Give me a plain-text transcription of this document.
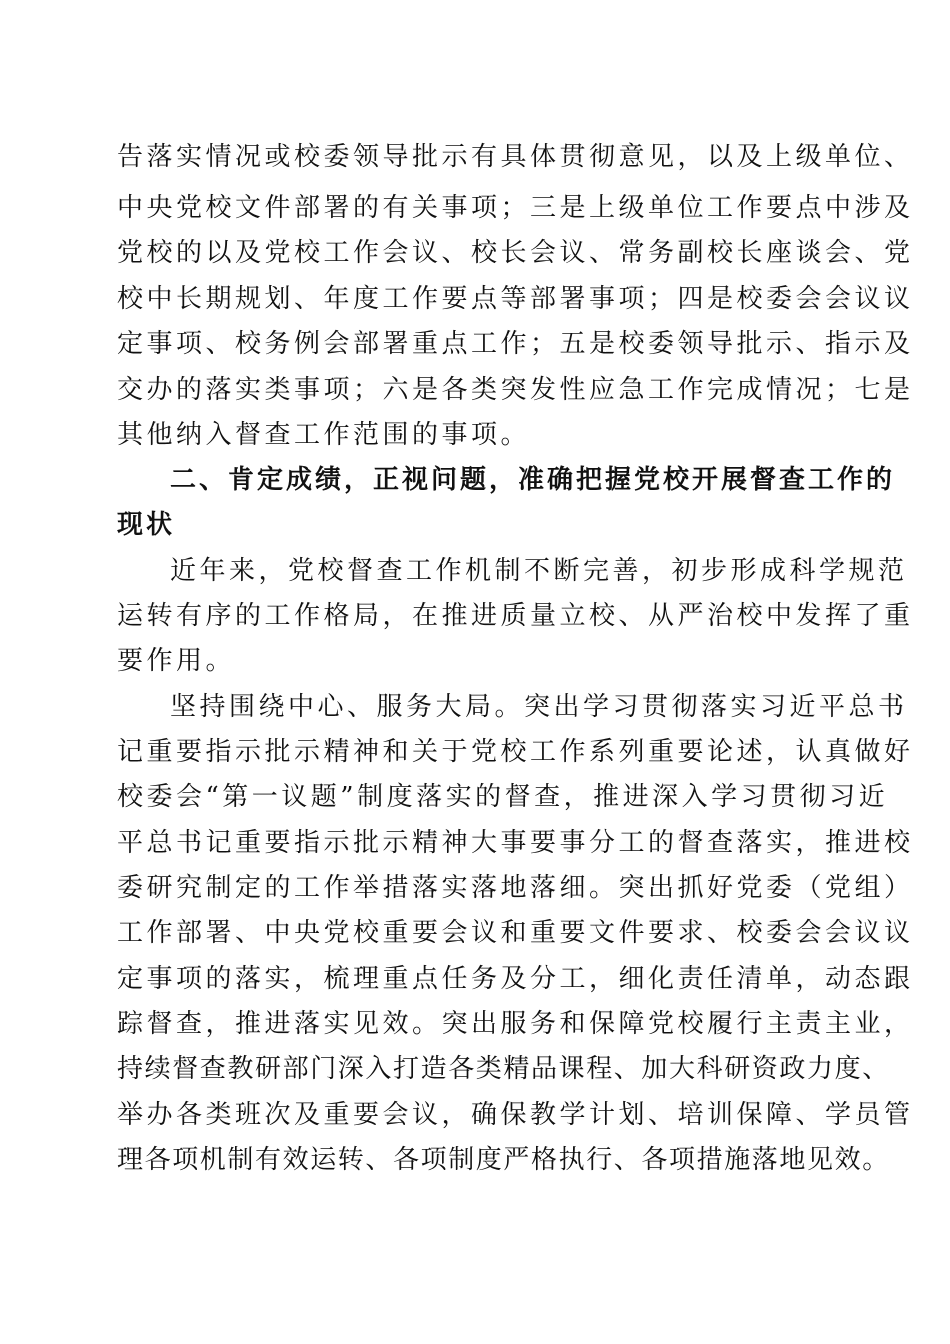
告落实情况或校委领导批示有具体贯彻意见，以及上级单位、
中央党校文件部署的有关事项；三是上级单位工作要点中涉及
党校的以及党校工作会议、校长会议、常务副校长座谈会、党
校中长期规划、年度工作要点等部署事项；四是校委会会议议
定事项、校务例会部署重点工作；五是校委领导批示、指示及
交办的落实类事项；六是各类突发性应急工作完成情况；七是
其他纳入督查工作范围的事项。
二、肯定成绩，正视问题，准确把握党校开展督查工作的
现状
近年来，党校督查工作机制不断完善，初步形成科学规范
运转有序的工作格局，在推进质量立校、从严治校中发挥了重
要作用。
坚持围绕中心、服务大局。突出学习贯彻落实习近平总书
记重要指示批示精神和关于党校工作系列重要论述，认真做好
校委会“第一议题”制度落实的督查，推进深入学习贯彻习近
平总书记重要指示批示精神大事要事分工的督查落实，推进校
委研究制定的工作举措落实落地落细。突出抓好党委（党组）
工作部署、中央党校重要会议和重要文件要求、校委会会议议
定事项的落实，梳理重点任务及分工，细化责任清单，动态跟
踪督查，推进落实见效。突出服务和保障党校履行主责主业，
持续督查教研部门深入打造各类精品课程、加大科研资政力度、
举办各类班次及重要会议，确保教学计划、培训保障、学员管
理各项机制有效运转、各项制度严格执行、各项措施落地见效。
